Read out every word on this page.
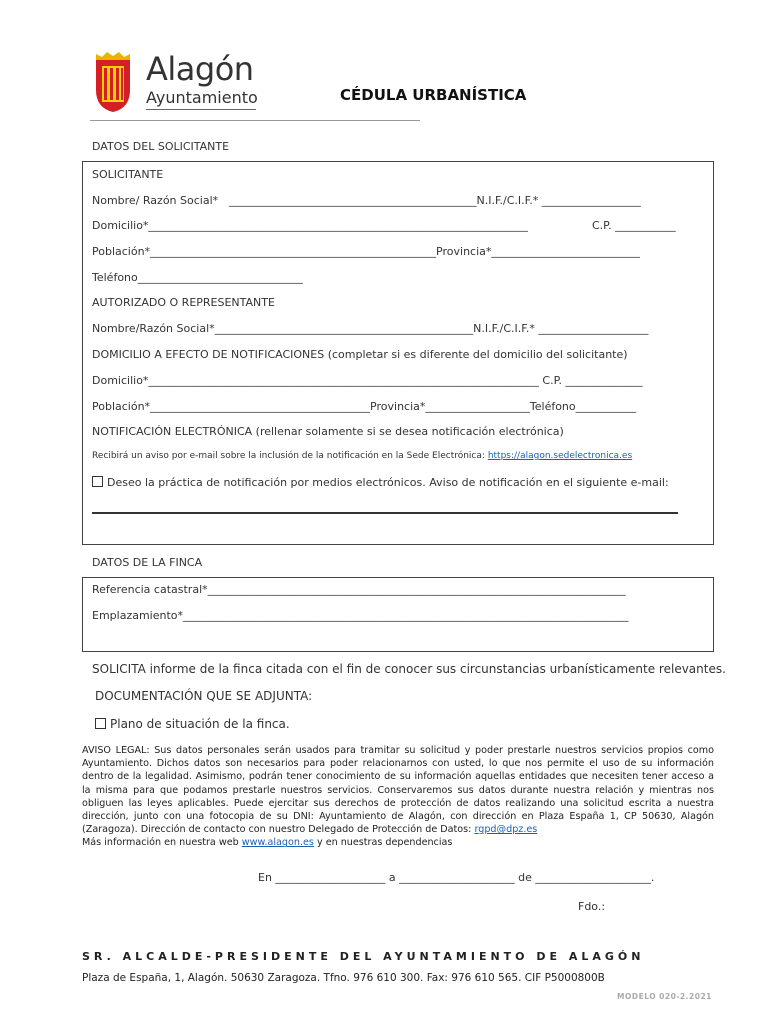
Alagón
Ayuntamiento	CÉDULA URBANÍSTICA
DATOS DEL SOLICITANTE
SOLICITANTE
Nombre/ Razón Social* _____________________________________________N.I.F./C.I.F.* __________________
Domicilio*_____________________________________________________________________	C.P. ___________
Población*____________________________________________________Provincia*___________________________
Teléfono______________________________
AUTORIZADO O REPRESENTANTE
Nombre/Razón Social*_______________________________________________N.I.F./C.I.F.* ____________________
DOMICILIO A EFECTO DE NOTIFICACIONES (completar si es diferente del domicilio del solicitante)
Domicilio*_______________________________________________________________________ C.P. ______________
Población*________________________________________Provincia*___________________Teléfono___________
NOTIFICACIÓN ELECTRÓNICA (rellenar solamente si se desea notificación electrónica)
Recibirá un aviso por e-mail sobre la inclusión de la notificación en la Sede Electrónica: https://alagon.sedelectronica.es
Deseo la práctica de notificación por medios electrónicos. Aviso de notificación en el siguiente e-mail:
DATOS DE LA FINCA
Referencia catastral*____________________________________________________________________________
Emplazamiento*_________________________________________________________________________________
SOLICITA informe de la finca citada con el fin de conocer sus circunstancias urbanísticamente relevantes.
DOCUMENTACIÓN QUE SE ADJUNTA:
Plano de situación de la finca.
AVISO LEGAL: Sus datos personales serán usados para tramitar su solicitud y poder prestarle nuestros servicios propios como Ayuntamiento. Dichos datos son necesarios para poder relacionarnos con usted, lo que nos permite el uso de su información dentro de la legalidad. Asimismo, podrán tener conocimiento de su información aquellas entidades que necesiten tener acceso a la misma para que podamos prestarle nuestros servicios. Conservaremos sus datos durante nuestra relación y mientras nos obliguen las leyes aplicables. Puede ejercitar sus derechos de protección de datos realizando una solicitud escrita a nuestra dirección, junto con una fotocopia de su DNI: Ayuntamiento de Alagón, con dirección en Plaza España 1, CP 50630, Alagón (Zaragoza). Dirección de contacto con nuestro Delegado de Protección de Datos: rgpd@dpz.es
Más información en nuestra web www.alagon.es y en nuestras dependencias
En ____________________ a _____________________ de _____________________.
Fdo.:
SR. ALCALDE-PRESIDENTE DEL AYUNTAMIENTO DE ALAGÓN
Plaza de España, 1, Alagón. 50630 Zaragoza. Tfno. 976 610 300. Fax: 976 610 565. CIF P5000800B
MODELO 020-2.2021
